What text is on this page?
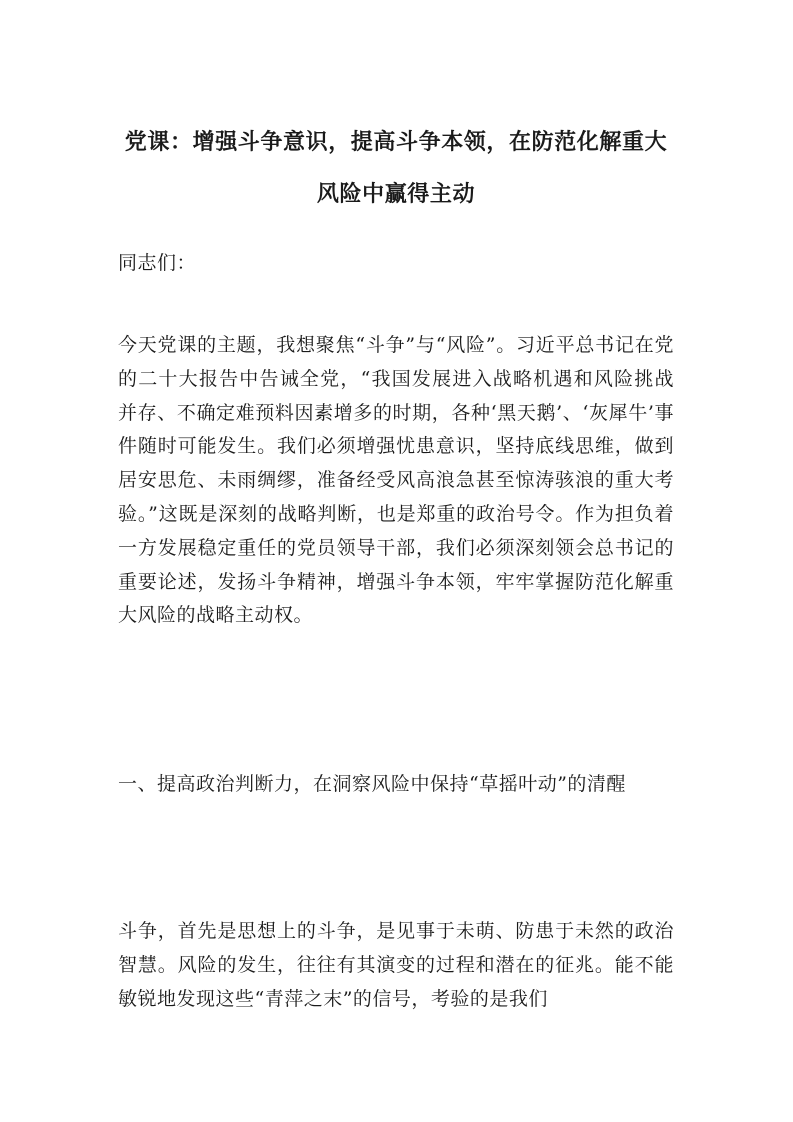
党课：增强斗争意识，提高斗争本领，在防范化解重大风险中赢得主动

同志们：

今天党课的主题，我想聚焦“斗争”与“风险”。习近平总书记在党的二十大报告中告诫全党，“我国发展进入战略机遇和风险挑战并存、不确定难预料因素增多的时期，各种‘黑天鹅’、‘灰犀牛’事件随时可能发生。我们必须增强忧患意识，坚持底线思维，做到居安思危、未雨绸缪，准备经受风高浪急甚至惊涛骇浪的重大考验。”这既是深刻的战略判断，也是郑重的政治号令。作为担负着一方发展稳定重任的党员领导干部，我们必须深刻领会总书记的重要论述，发扬斗争精神，增强斗争本领，牢牢掌握防范化解重大风险的战略主动权。

一、提高政治判断力，在洞察风险中保持“草摇叶动”的清醒

斗争，首先是思想上的斗争，是见事于未萌、防患于未然的政治智慧。风险的发生，往往有其演变的过程和潜在的征兆。能不能敏锐地发现这些“青萍之末”的信号，考验的是我们
